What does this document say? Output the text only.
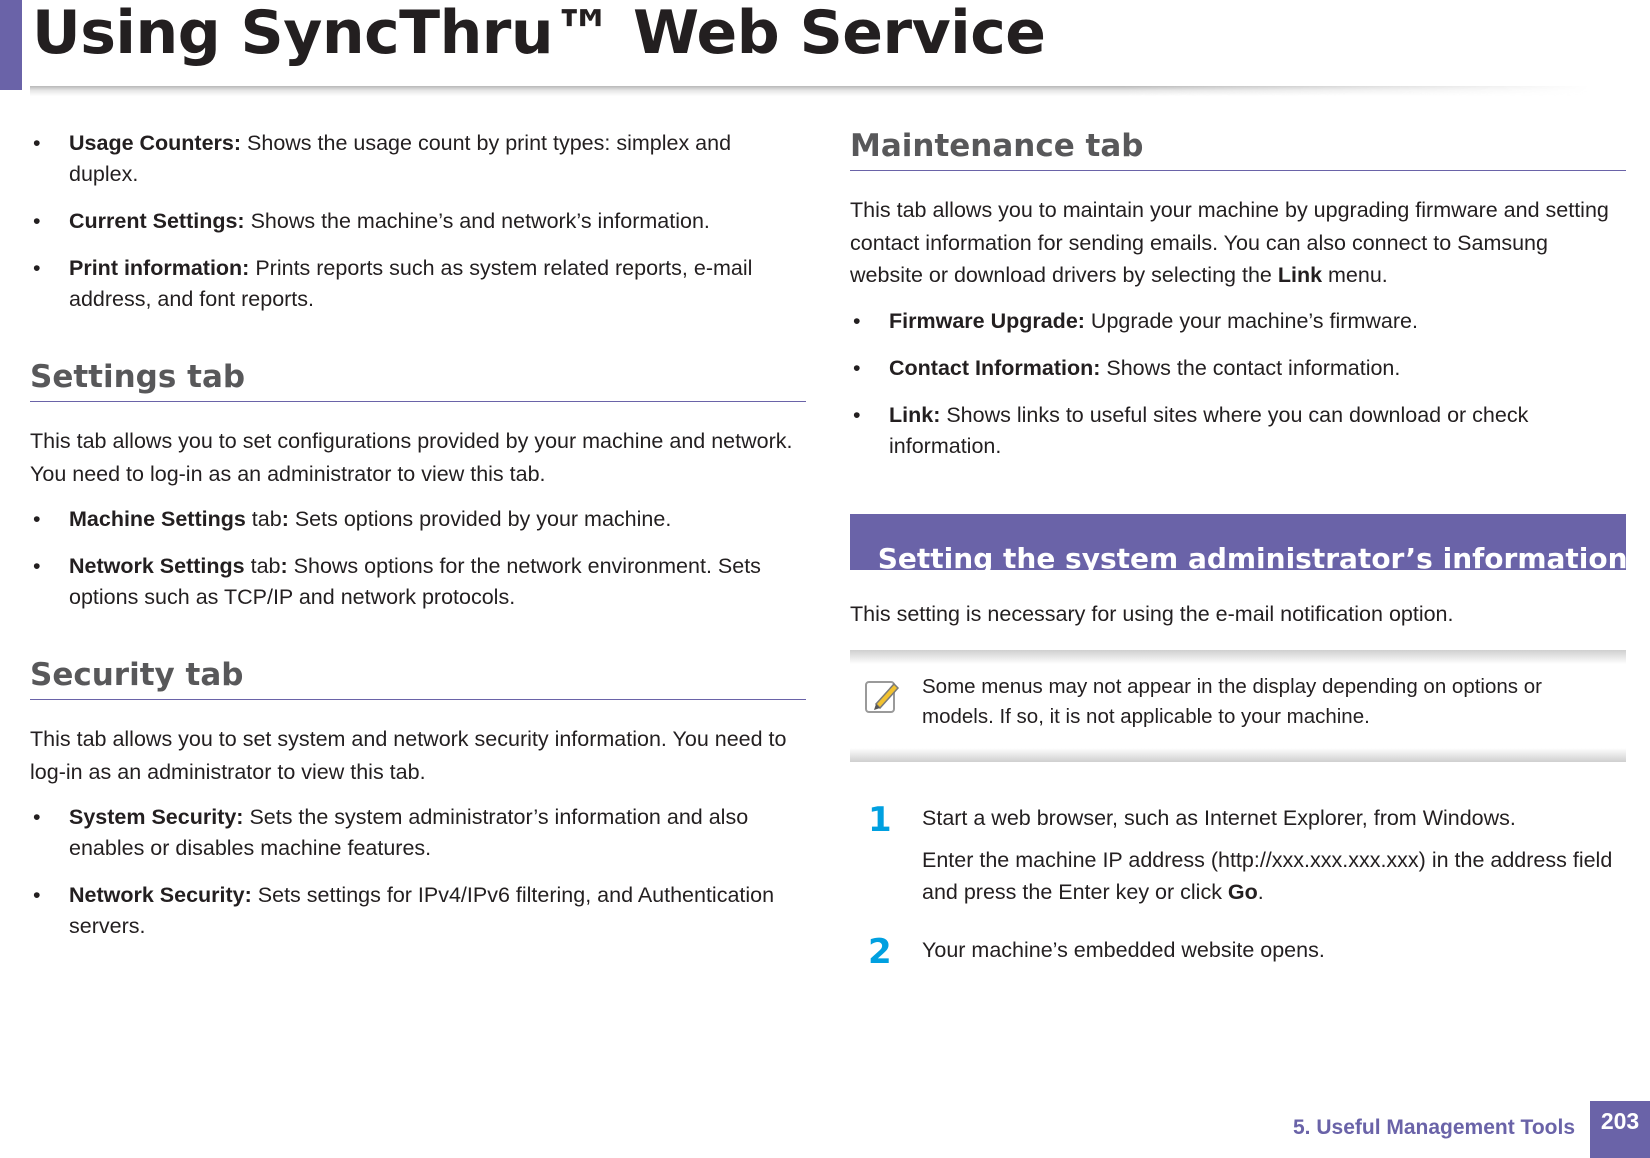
Using SyncThru™ Web Service
• Usage Counters: Shows the usage count by print types: simplex and duplex.
• Current Settings: Shows the machine’s and network’s information.
• Print information: Prints reports such as system related reports, e-mail address, and font reports.
Settings tab

This tab allows you to set configurations provided by your machine and network. You need to log-in as an administrator to view this tab.

• Machine Settings tab: Sets options provided by your machine.
• Network Settings tab: Shows options for the network environment. Sets options such as TCP/IP and network protocols.
Security tab

This tab allows you to set system and network security information. You need to log-in as an administrator to view this tab.

• System Security: Sets the system administrator’s information and also enables or disables machine features.
• Network Security: Sets settings for IPv4/IPv6 filtering, and Authentication servers.
Maintenance tab

This tab allows you to maintain your machine by upgrading firmware and setting contact information for sending emails. You can also connect to Samsung website or download drivers by selecting the Link menu.

• Firmware Upgrade: Upgrade your machine’s firmware.
• Contact Information: Shows the contact information.
• Link: Shows links to useful sites where you can download or check information.
Setting the system administrator’s information

This setting is necessary for using the e-mail notification option.

Some menus may not appear in the display depending on options or models. If so, it is not applicable to your machine.

1 Start a web browser, such as Internet Explorer, from Windows.

Enter the machine IP address (http://xxx.xxx.xxx.xxx) in the address field and press the Enter key or click Go.

2 Your machine’s embedded website opens.

5. Useful Management Tools	203
